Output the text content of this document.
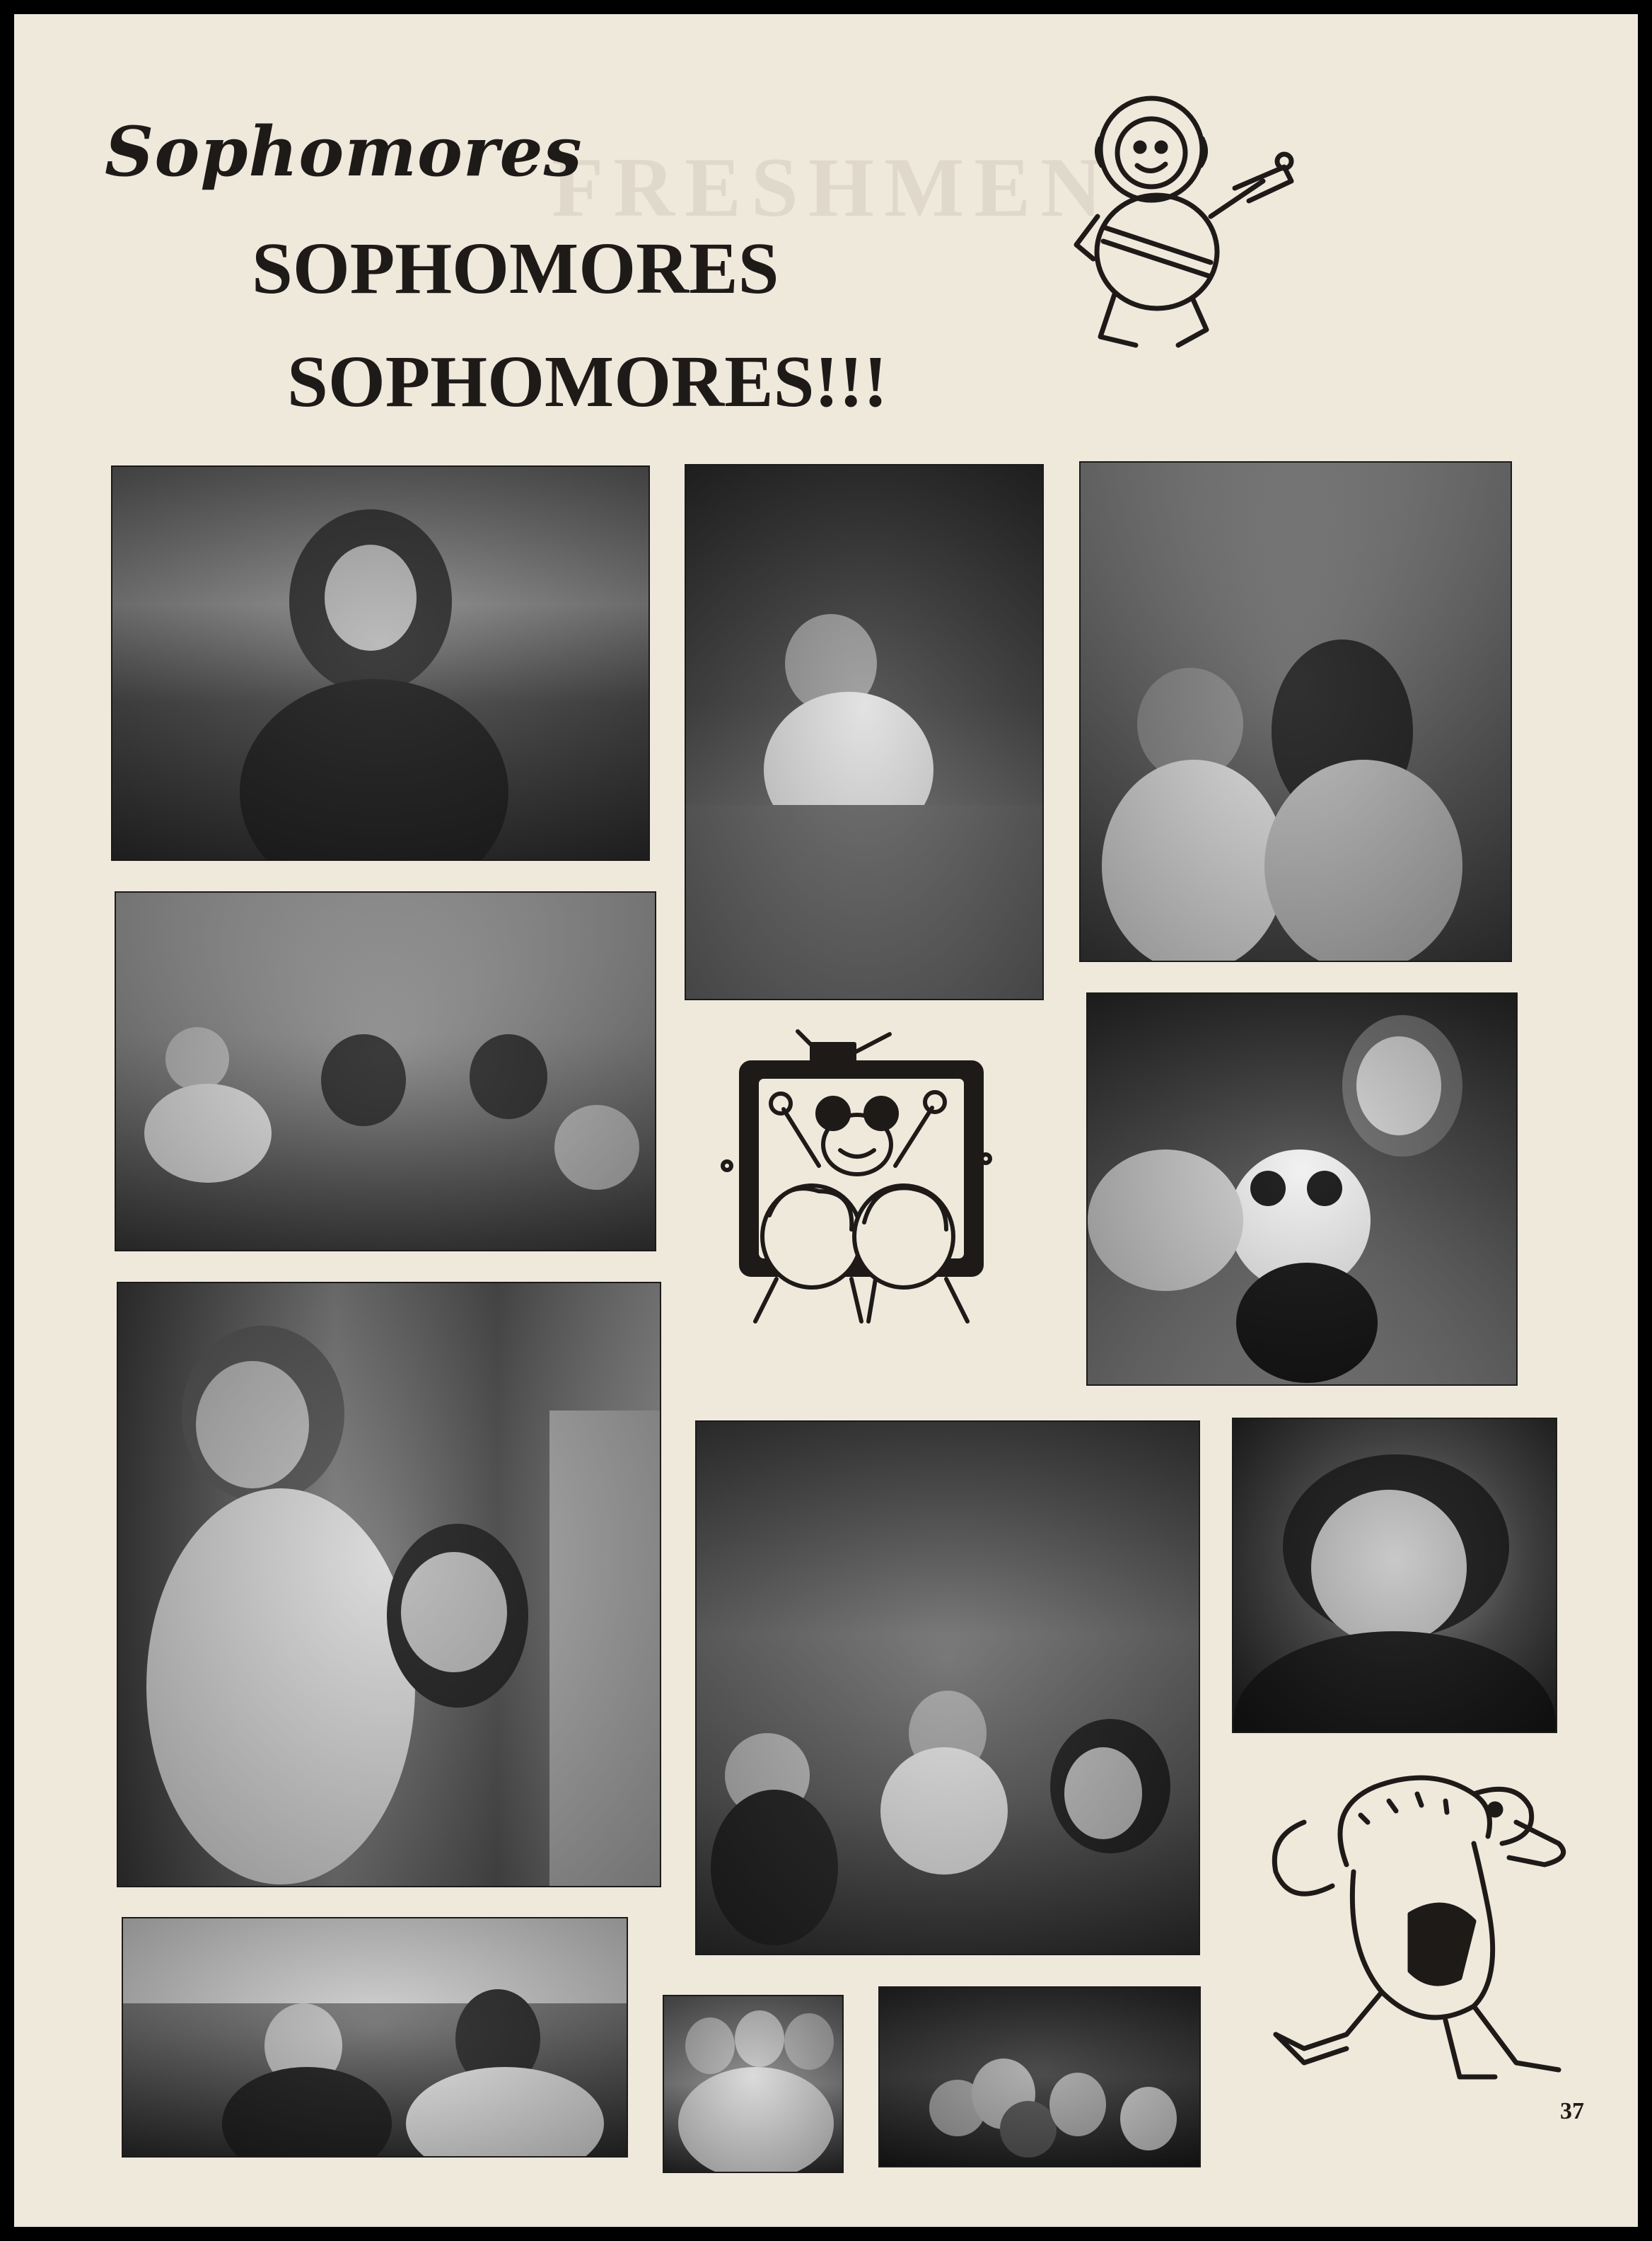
FRESHMEN
Sophomores
SOPHOMORES
SOPHOMORES!!!
37
